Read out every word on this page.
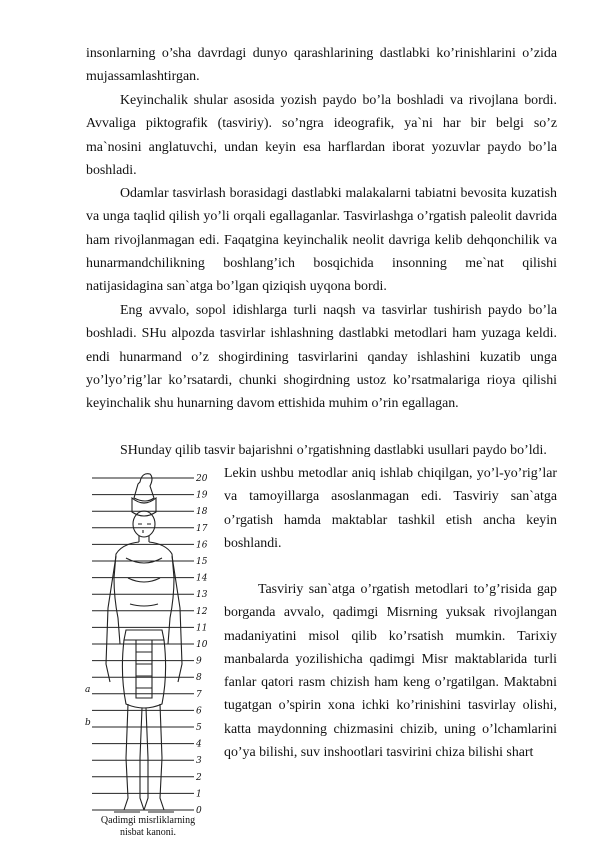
insonlarning o’sha davrdagi dunyo qarashlarining dastlabki ko’rinishlarini o’zida mujassamlashtirgan.

Keyinchalik shular asosida yozish paydo bo’la boshladi va rivojlana bordi. Avvaliga piktografik (tasviriy). so’ngra ideografik, ya`ni har bir belgi so’z ma`nosini anglatuvchi, undan keyin esa harflardan iborat yozuvlar paydo bo’la boshladi.

Odamlar tasvirlash borasidagi dastlabki malakalarni tabiatni bevosita kuzatish va unga taqlid qilish yo’li orqali egallaganlar. Tasvirlashga o’rgatish paleolit davrida ham rivojlanmagan edi. Faqatgina keyinchalik neolit davriga kelib dehqonchilik va hunarmandchilikning boshlang’ich bosqichida insonning me`nat qilishi natijasidagina san`atga bo’lgan qiziqish uyqona bordi.

Eng avvalo, sopol idishlarga turli naqsh va tasvirlar tushirish paydo bo’la boshladi. SHu alpozda tasvirlar ishlashning dastlabki metodlari ham yuzaga keldi. endi hunarmand o’z shogirdining tasvirlarini qanday ishlashini kuzatib unga yo’lyo’rig’lar ko’rsatardi, chunki shogirdning ustoz ko’rsatmalariga rioya qilishi keyinchalik shu hunarning davom ettishida muhim o’rin egallagan.

SHunday qilib tasvir bajarishni o’rgatishning dastlabki usullari paydo bo’ldi.

Lekin ushbu metodlar aniq ishlab chiqilgan, yo’l-yo’rig’lar va tamoyillarga asoslanmagan edi. Tasviriy san`atga o’rgatish hamda maktablar tashkil etish ancha keyin boshlandi.

Tasviriy san`atga o’rgatish metodlari to’g’risida gap borganda avvalo, qadimgi Misrning yuksak rivojlangan madaniyatini misol qilib ko’rsatish mumkin. Tarixiy manbalarda yozilishicha qadimgi Misr maktablarida turli fanlar qatori rasm chizish ham keng o’rgatilgan. Maktabni tugatgan o’spirin xona ichki ko’rinishini tasvirlay olishi, katta maydonning chizmasini chizib, uning o’lchamlarini qo’ya bilishi, suv inshootlari tasvirini chiza bilishi shart

20
19
18
17
16
15
14
13
12
11
10
9
8
7
6
5
4
3
2
1
0
a
b
Qadimgi misrliklarning
nisbat kanoni.
